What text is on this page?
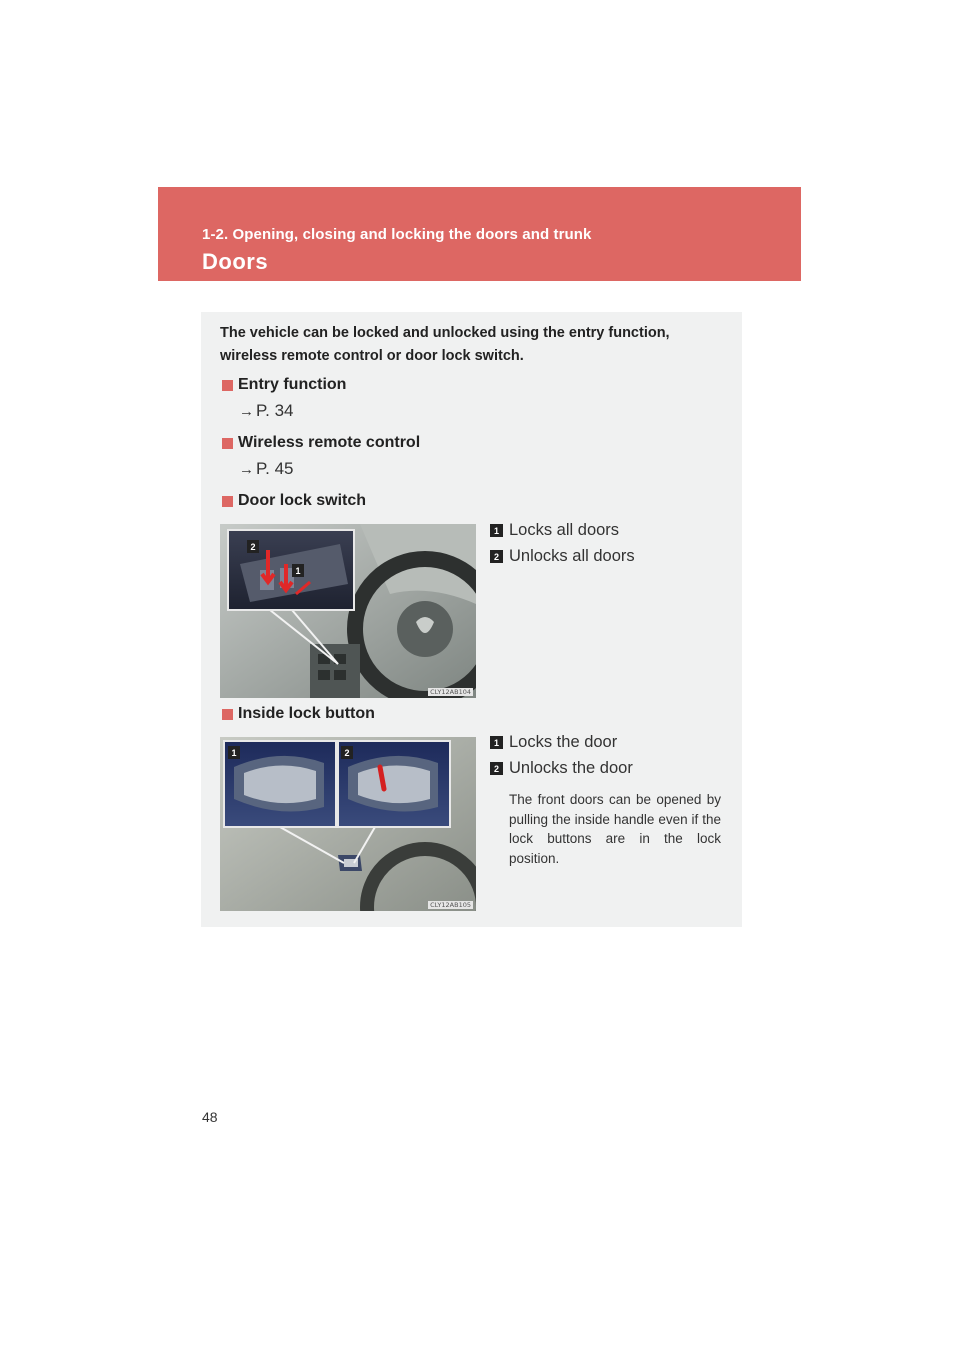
1-2. Opening, closing and locking the doors and trunk
Doors

The vehicle can be locked and unlocked using the entry function, wireless remote control or door lock switch.

Entry function
→ P. 34
Wireless remote control
→ P. 45
Door lock switch
2
1
CLY12AB104
1 Locks all doors
2 Unlocks all doors
Inside lock button
1	2
CLY12AB105
1 Locks the door
2 Unlocks the door

The front doors can be opened by pulling the inside handle even if the lock buttons are in the lock position.

48
